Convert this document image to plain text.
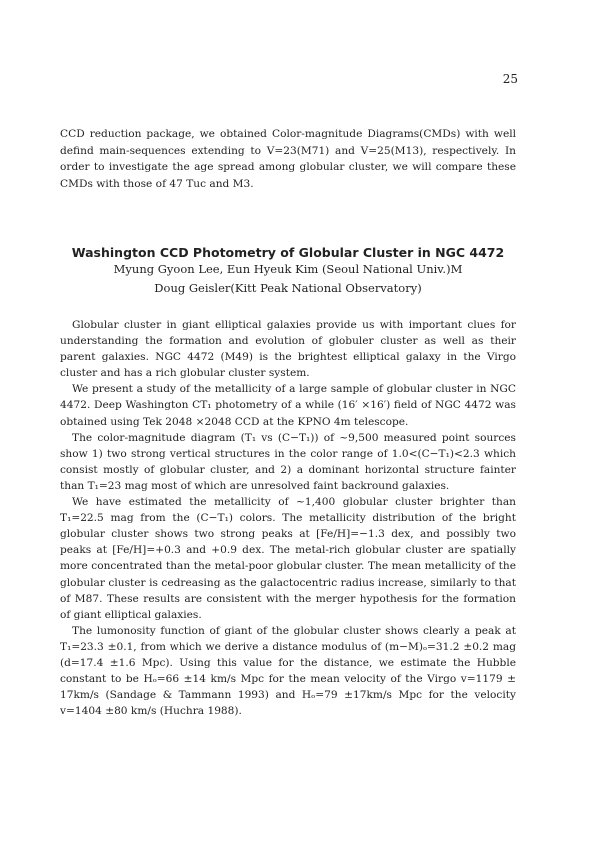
25

CCD reduction package, we obtained Color-magnitude Diagrams(CMDs) with well defind main-sequences extending to V=23(M71) and V=25(M13), respectively. In order to investigate the age spread among globular cluster, we will compare these CMDs with those of 47 Tuc and M3.

Washington CCD Photometry of Globular Cluster in NGC 4472

Myung Gyoon Lee, Eun Hyeuk Kim (Seoul National Univ.)M

Doug Geisler(Kitt Peak National Observatory)

Globular cluster in giant elliptical galaxies provide us with important clues for understanding the formation and evolution of globuler cluster as well as their parent galaxies. NGC 4472 (M49) is the brightest elliptical galaxy in the Virgo cluster and has a rich globular cluster system.

We present a study of the metallicity of a large sample of globular cluster in NGC 4472. Deep Washington CT₁ photometry of a while (16′ ×16′) field of NGC 4472 was obtained using Tek 2048 ×2048 CCD at the KPNO 4m telescope.

The color-magnitude diagram (T₁ vs (C−T₁)) of ~9,500 measured point sources show 1) two strong vertical structures in the color range of 1.0<(C−T₁)<2.3 which consist mostly of globular cluster, and 2) a dominant horizontal structure fainter than T₁=23 mag most of which are unresolved faint backround galaxies.

We have estimated the metallicity of ~1,400 globular cluster brighter than T₁=22.5 mag from the (C−T₁) colors. The metallicity distribution of the bright globular cluster shows two strong peaks at [Fe/H]=−1.3 dex, and possibly two peaks at [Fe/H]=+0.3 and +0.9 dex. The metal-rich globular cluster are spatially more concentrated than the metal-poor globular cluster. The mean metallicity of the globular cluster is cedreasing as the galactocentric radius increase, similarly to that of M87. These results are consistent with the merger hypothesis for the formation of giant elliptical galaxies.

The lumonosity function of giant of the globular cluster shows clearly a peak at T₁=23.3 ±0.1, from which we derive a distance modulus of (m−M)ₒ=31.2 ±0.2 mag (d=17.4 ±1.6 Mpc). Using this value for the distance, we estimate the Hubble constant to be Hₒ=66 ±14 km/s Mpc for the mean velocity of the Virgo v=1179 ± 17km/s (Sandage & Tammann 1993) and Hₒ=79 ±17km/s Mpc for the velocity v=1404 ±80 km/s (Huchra 1988).
